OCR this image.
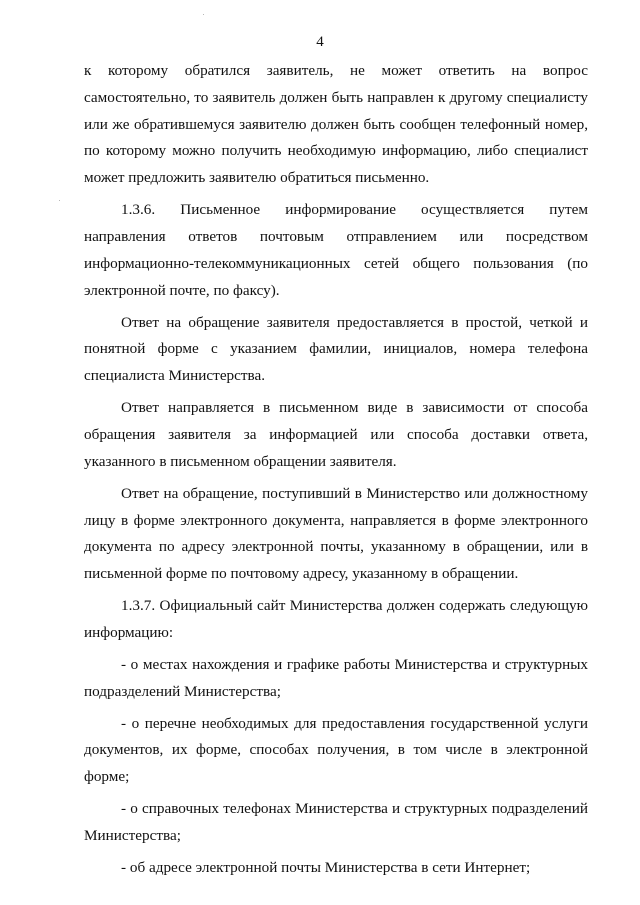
4

к которому обратился заявитель, не может ответить на вопрос самостоятельно, то заявитель должен быть направлен к другому специалисту или же обратившемуся заявителю должен быть сообщен телефонный номер, по которому можно получить необходимую информацию, либо специалист может предложить заявителю обратиться письменно.

1.3.6. Письменное информирование осуществляется путем направления ответов почтовым отправлением или посредством информационно-телекоммуникационных сетей общего пользования (по электронной почте, по факсу).

Ответ на обращение заявителя предоставляется в простой, четкой и понятной форме с указанием фамилии, инициалов, номера телефона специалиста Министерства.

Ответ направляется в письменном виде в зависимости от способа обращения заявителя за информацией или способа доставки ответа, указанного в письменном обращении заявителя.

Ответ на обращение, поступивший в Министерство или должностному лицу в форме электронного документа, направляется в форме электронного документа по адресу электронной почты, указанному в обращении, или в письменной форме по почтовому адресу, указанному в обращении.

1.3.7. Официальный сайт Министерства должен содержать следующую информацию:

- о местах нахождения и графике работы Министерства и структурных подразделений Министерства;

- о перечне необходимых для предоставления государственной услуги документов, их форме, способах получения, в том числе в электронной форме;

- о справочных телефонах Министерства и структурных подразделений Министерства;

- об адресе электронной почты Министерства в сети Интернет;
